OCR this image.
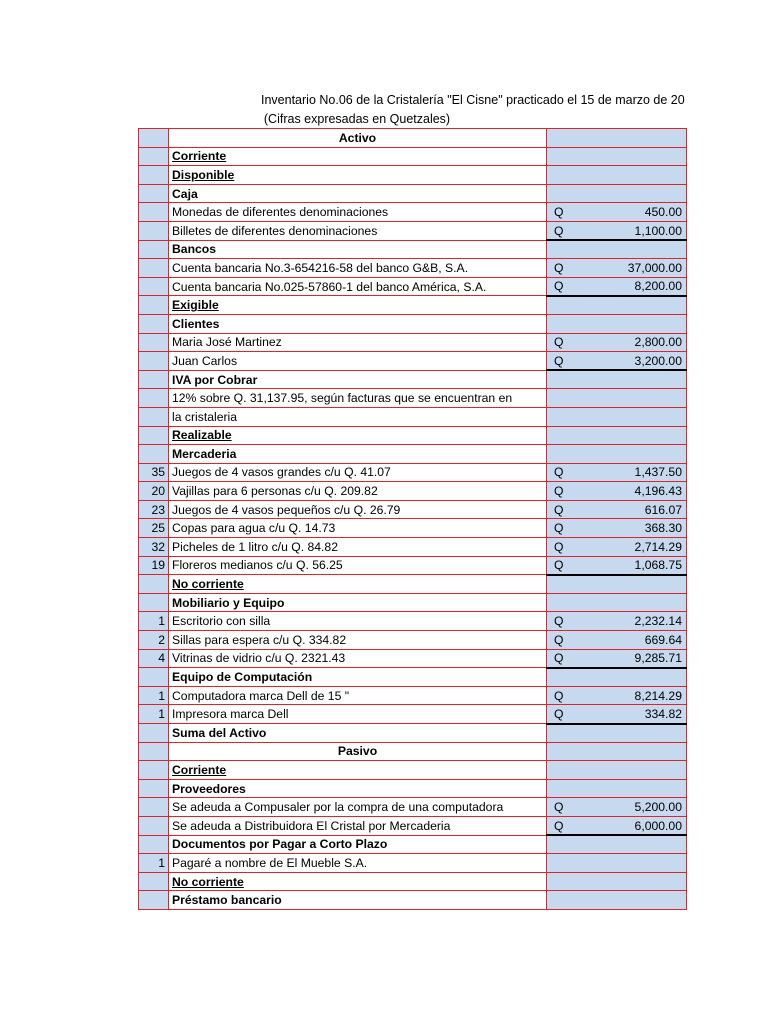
Inventario No.06 de la Cristalería "El Cisne" practicado el 15 de marzo de 20
(Cifras expresadas en Quetzales)
	Activo	

	Corriente	

	Disponible	

	Caja	

	Monedas de diferentes denominaciones	Q 450.00

	Billetes de diferentes denominaciones	Q 1,100.00

	Bancos	

	Cuenta bancaria No.3-654216-58 del banco G&B, S.A.	Q 37,000.00

	Cuenta bancaria No.025-57860-1 del banco América, S.A.	Q 8,200.00

	Exigible	

	Clientes	

	Maria José Martinez	Q 2,800.00

	Juan Carlos	Q 3,200.00

	IVA por Cobrar	

	12% sobre Q. 31,137.95, según facturas que se encuentran en	

	la cristaleria	

	Realizable	

	Mercaderia	

35	Juegos de 4 vasos grandes c/u Q. 41.07	Q 1,437.50

20	Vajillas para 6 personas c/u Q. 209.82	Q 4,196.43

23	Juegos de 4 vasos pequeños c/u Q. 26.79	Q 616.07

25	Copas para agua c/u Q. 14.73	Q 368.30

32	Picheles de 1 litro c/u Q. 84.82	Q 2,714.29

19	Floreros medianos c/u Q. 56.25	Q 1,068.75

	No corriente	

	Mobiliario y Equipo	

1	Escritorio con silla	Q 2,232.14

2	Sillas para espera c/u Q. 334.82	Q 669.64

4	Vitrinas de vidrio c/u Q. 2321.43	Q 9,285.71

	Equipo de Computación	

1	Computadora marca Dell de 15 "	Q 8,214.29

1	Impresora marca Dell	Q 334.82

	Suma del Activo	

	Pasivo	

	Corriente	

	Proveedores	

	Se adeuda a Compusaler por la compra de una computadora	Q 5,200.00

	Se adeuda a Distribuidora El Cristal por Mercaderia	Q 6,000.00

	Documentos por Pagar a Corto Plazo	

1	Pagaré a nombre de El Mueble S.A.	

	No corriente	

	Préstamo bancario	
